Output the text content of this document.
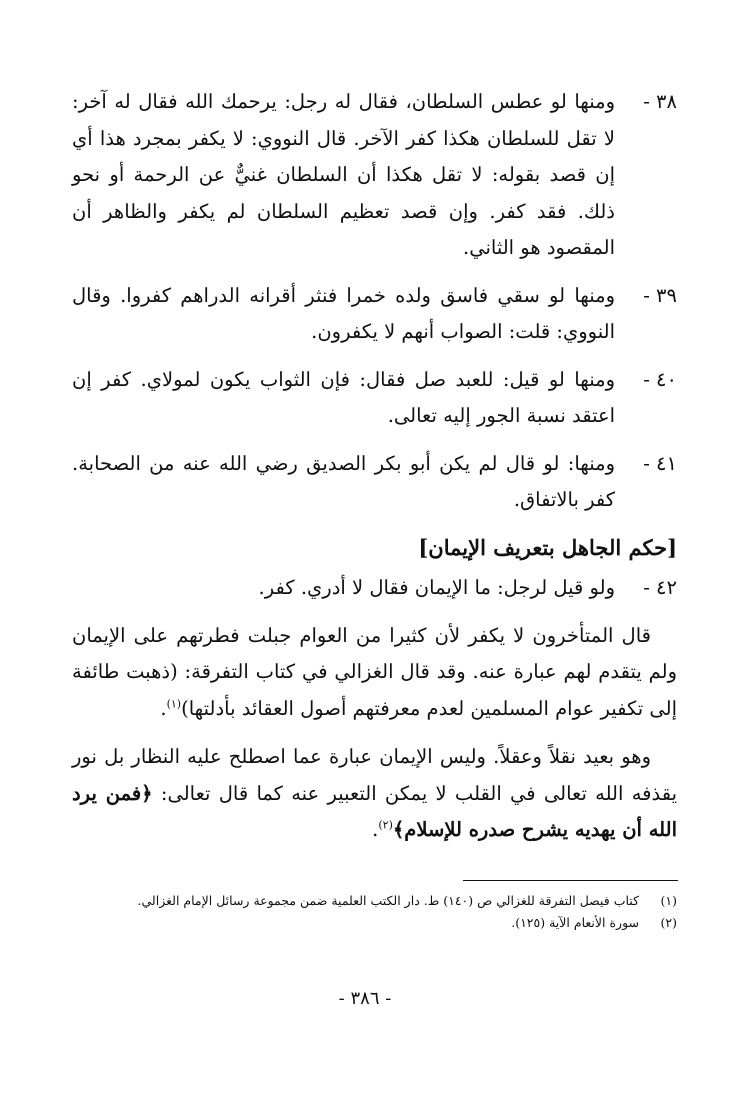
٣٨ -
ومنها لو عطس السلطان، فقال له رجل: يرحمك الله فقال له آخر: لا تقل للسلطان هكذا كفر الآخر. قال النووي: لا يكفر بمجرد هذا أي إن قصد بقوله: لا تقل هكذا أن السلطان غنيٌّ عن الرحمة أو نحو ذلك. فقد كفر. وإن قصد تعظيم السلطان لم يكفر والظاهر أن المقصود هو الثاني.
٣٩ -
ومنها لو سقي فاسق ولده خمرا فنثر أقرانه الدراهم كفروا. وقال النووي: قلت: الصواب أنهم لا يكفرون.
٤٠ -
ومنها لو قيل: للعبد صل فقال: فإن الثواب يكون لمولاي. كفر إن اعتقد نسبة الجور إليه تعالى.
٤١ -
ومنها: لو قال لم يكن أبو بكر الصديق رضي الله عنه من الصحابة. كفر بالاتفاق.
[حكم الجاهل بتعريف الإيمان]
٤٢ -
ولو قيل لرجل: ما الإيمان فقال لا أدري. كفر.
قال المتأخرون لا يكفر لأن كثيرا من العوام جبلت فطرتهم على الإيمان ولم يتقدم لهم عبارة عنه. وقد قال الغزالي في كتاب التفرقة: (ذهبت طائفة إلى تكفير عوام المسلمين لعدم معرفتهم أصول العقائد بأدلتها)$^{(١)}$.
وهو بعيد نقلاً وعقلاً. وليس الإيمان عبارة عما اصطلح عليه النظار بل نور يقذفه الله تعالى في القلب لا يمكن التعبير عنه كما قال تعالى: ﴿فمن يرد الله أن يهديه يشرح صدره للإسلام﴾$^{(٢)}$.
(١) كتاب فيصل التفرقة للغزالي ص (١٤٠) ط. دار الكتب العلمية ضمن مجموعة رسائل الإمام الغزالي.
(٢) سورة الأنعام الآية (١٢٥).
- ٣٨٦ -
